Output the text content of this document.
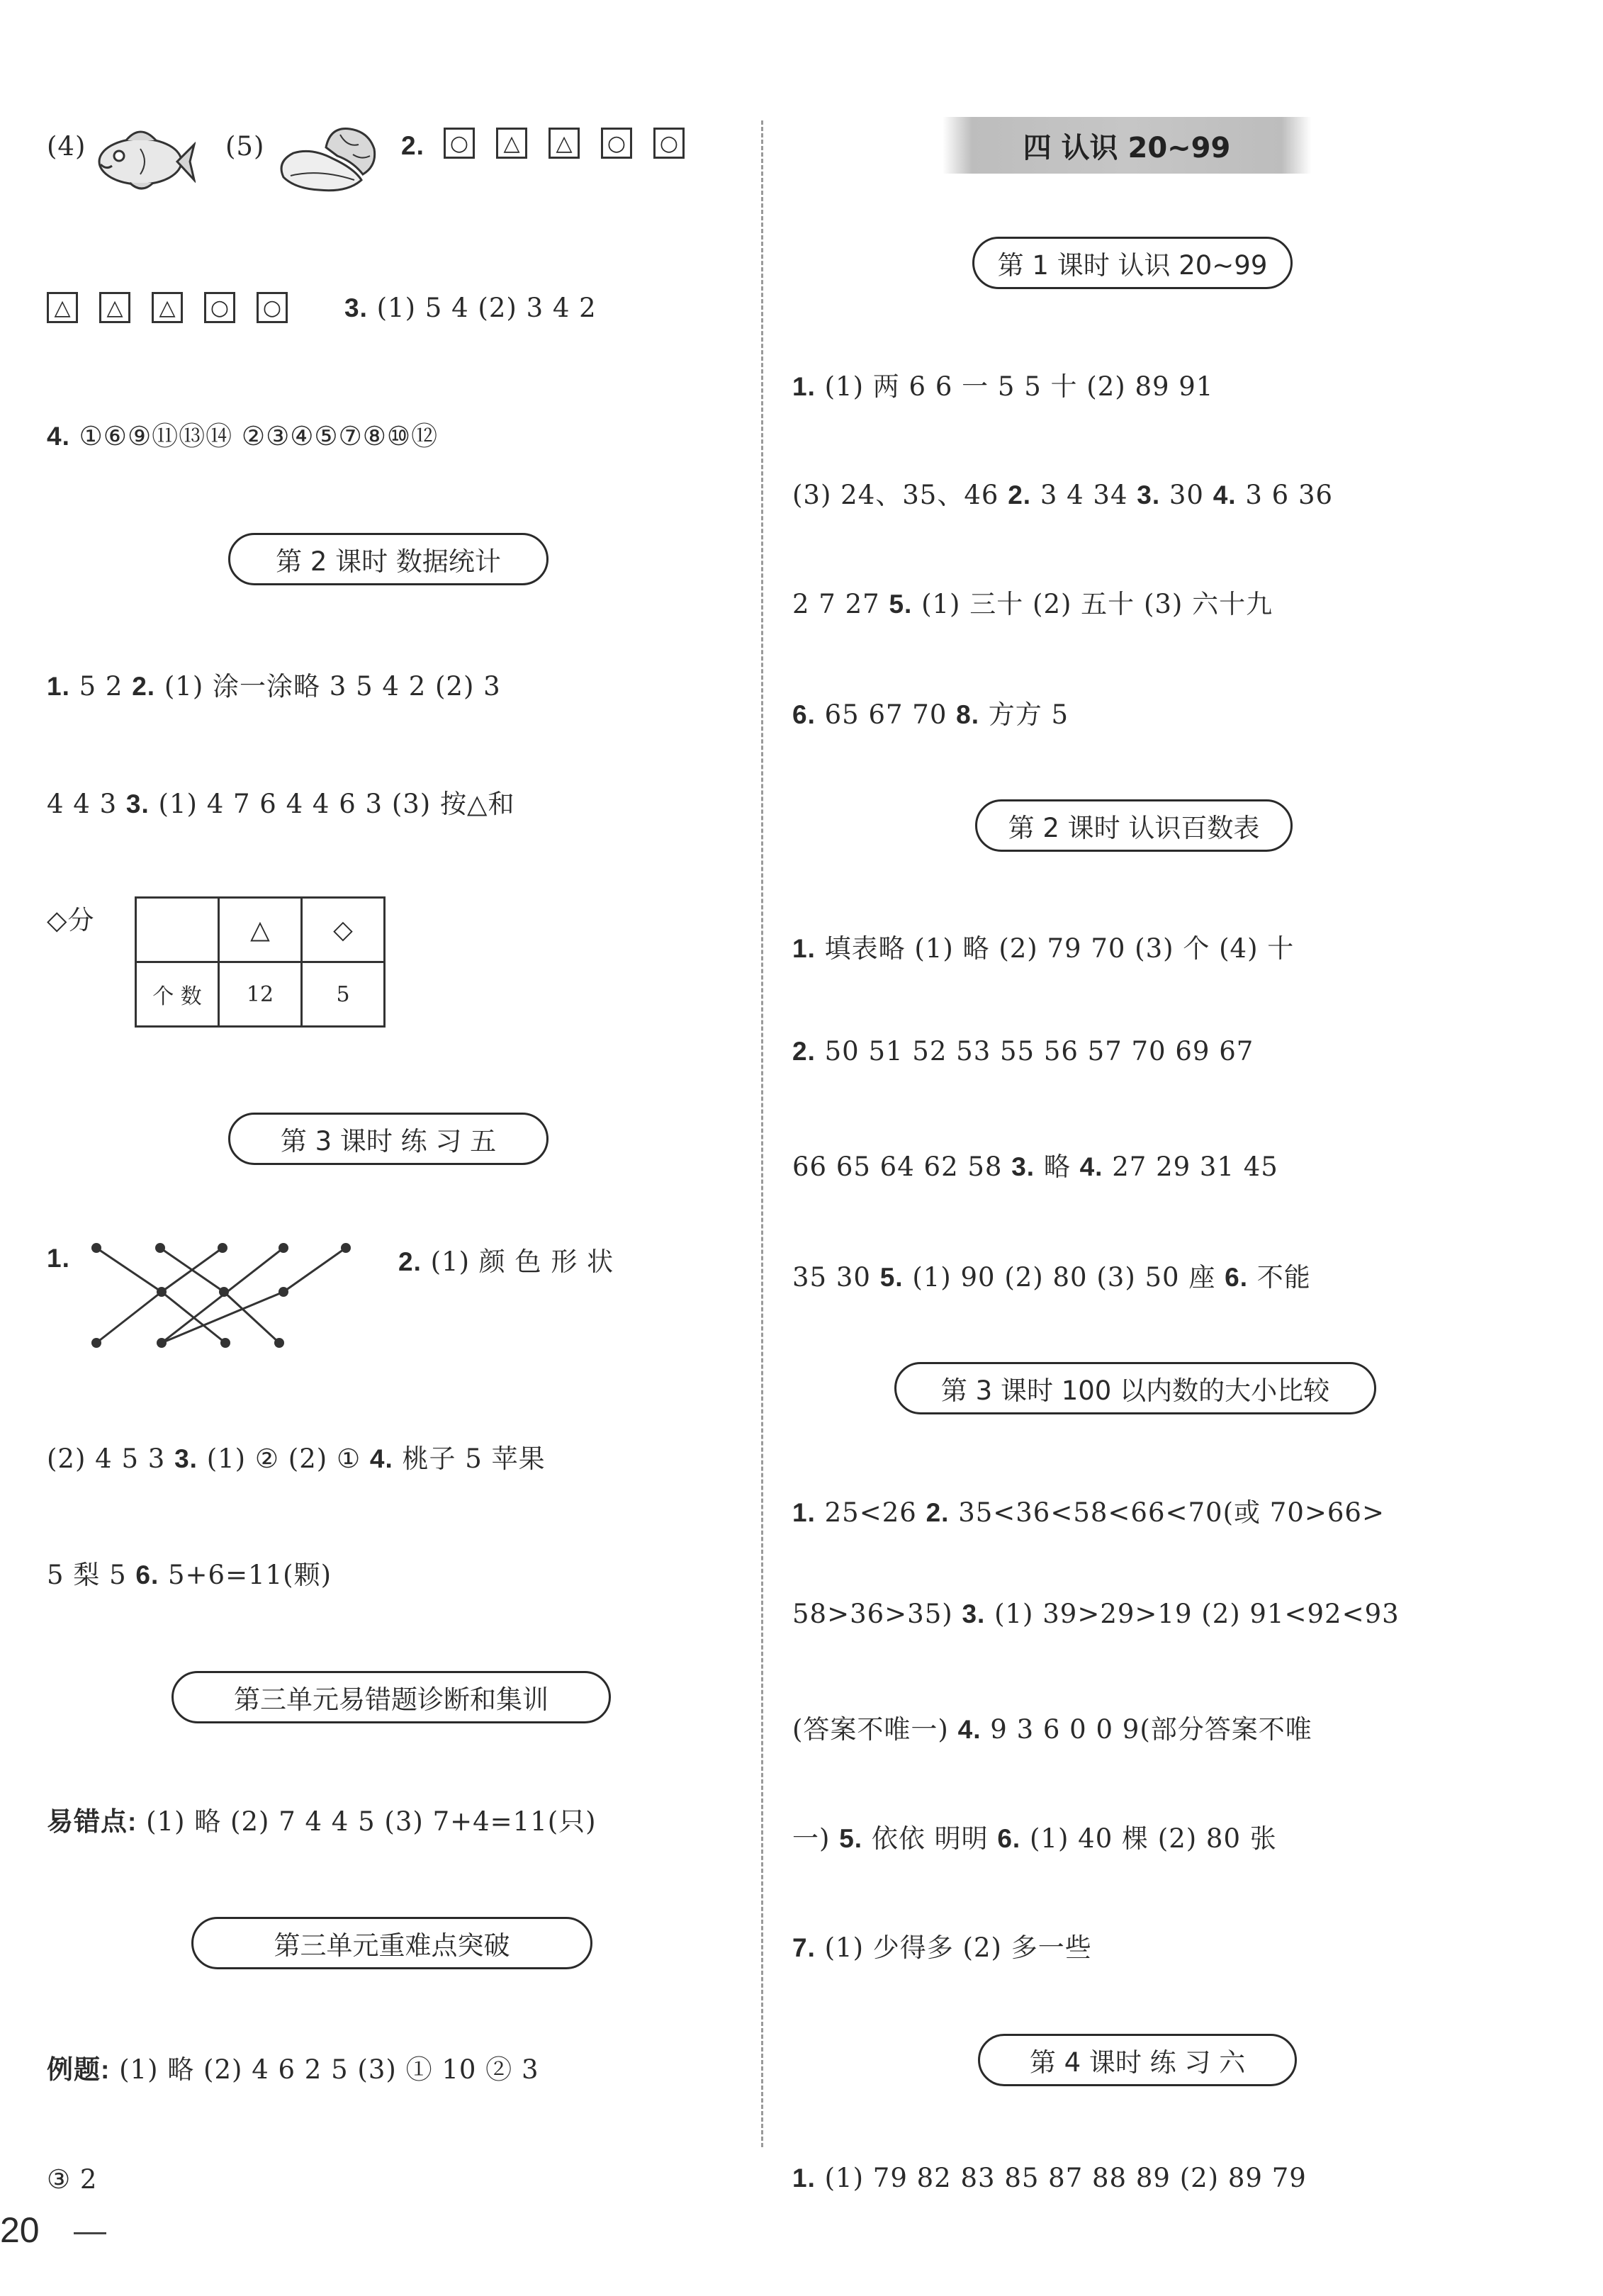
(4)	(5)	2. ○ △ △ ○ ○
△ △ △ ○ ○ 3. (1) 5 4 (2) 3 4 2
4. ①⑥⑨⑪⑬⑭ ②③④⑤⑦⑧⑩⑫
第 2 课时 数据统计
1. 5 2 2. (1) 涂一涂略 3 5 4 2 (2) 3
4 4 3 3. (1) 4 7 6 4 4 6 3 (3) 按△和
◇分
		△	◇
个 数	12	5
第 3 课时 练 习 五
1.	2. (1) 颜 色 形 状
(2) 4 5 3 3. (1) ② (2) ① 4. 桃子 5 苹果
5 梨 5 6. 5+6=11(颗)
第三单元易错题诊断和集训
易错点: (1) 略 (2) 7 4 4 5 (3) 7+4=11(只)
第三单元重难点突破
例题: (1) 略 (2) 4 6 2 5 (3) ① 10 ② 3
③ 2
20
四 认识 20~99
第 1 课时 认识 20~99
1. (1) 两 6 6 一 5 5 十 (2) 89 91
(3) 24、35、46 2. 3 4 34 3. 30 4. 3 6 36
2 7 27 5. (1) 三十 (2) 五十 (3) 六十九
6. 65 67 70 8. 方方 5
第 2 课时 认识百数表
1. 填表略 (1) 略 (2) 79 70 (3) 个 (4) 十
2. 50 51 52 53 55 56 57 70 69 67
66 65 64 62 58 3. 略 4. 27 29 31 45
35 30 5. (1) 90 (2) 80 (3) 50 座 6. 不能
第 3 课时 100 以内数的大小比较
1. 25<26 2. 35<36<58<66<70(或 70>66>
58>36>35) 3. (1) 39>29>19 (2) 91<92<93
(答案不唯一) 4. 9 3 6 0 0 9(部分答案不唯
一) 5. 依依 明明 6. (1) 40 棵 (2) 80 张
7. (1) 少得多 (2) 多一些
第 4 课时 练 习 六
1. (1) 79 82 83 85 87 88 89 (2) 89 79
